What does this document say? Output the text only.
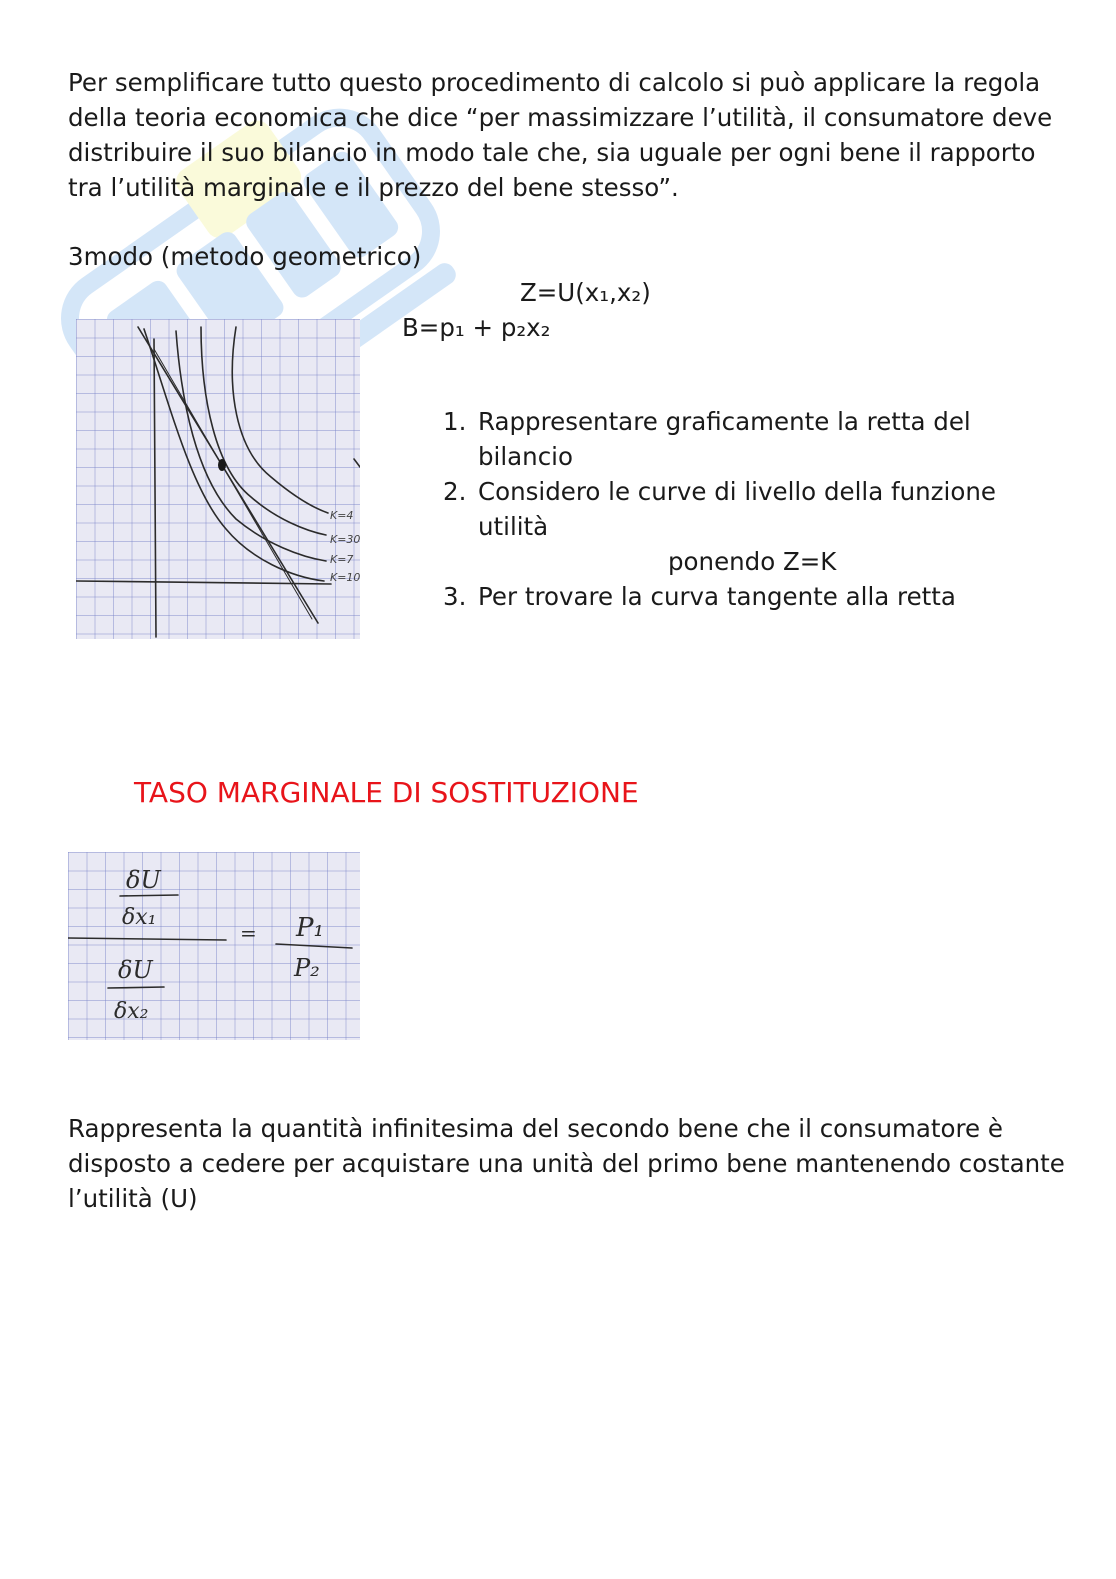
Per semplificare tutto questo procedimento di calcolo si può applicare la regola della teoria economica che dice “per massimizzare l’utilità, il consumatore deve distribuire il suo bilancio in modo tale che, sia uguale per ogni bene il rapporto tra l’utilità marginale e il prezzo del bene stesso”.

3modo (metodo geometrico)
Z=U(x₁,x₂)
B=p₁ + p₂x₂
K=4
K=30
K=7
K=10
1. Rappresentare graficamente la retta del bilancio
2. Considero le curve di livello della funzione utilità
ponendo Z=K
3. Per trovare la curva tangente alla retta
TASO MARGINALE DI SOSTITUZIONE
δU
δx₁
δU
δx₂
= P₁
P₂

Rappresenta la quantità infinitesima del secondo bene che il consumatore è disposto a cedere per acquistare una unità del primo bene mantenendo costante l’utilità (U)
